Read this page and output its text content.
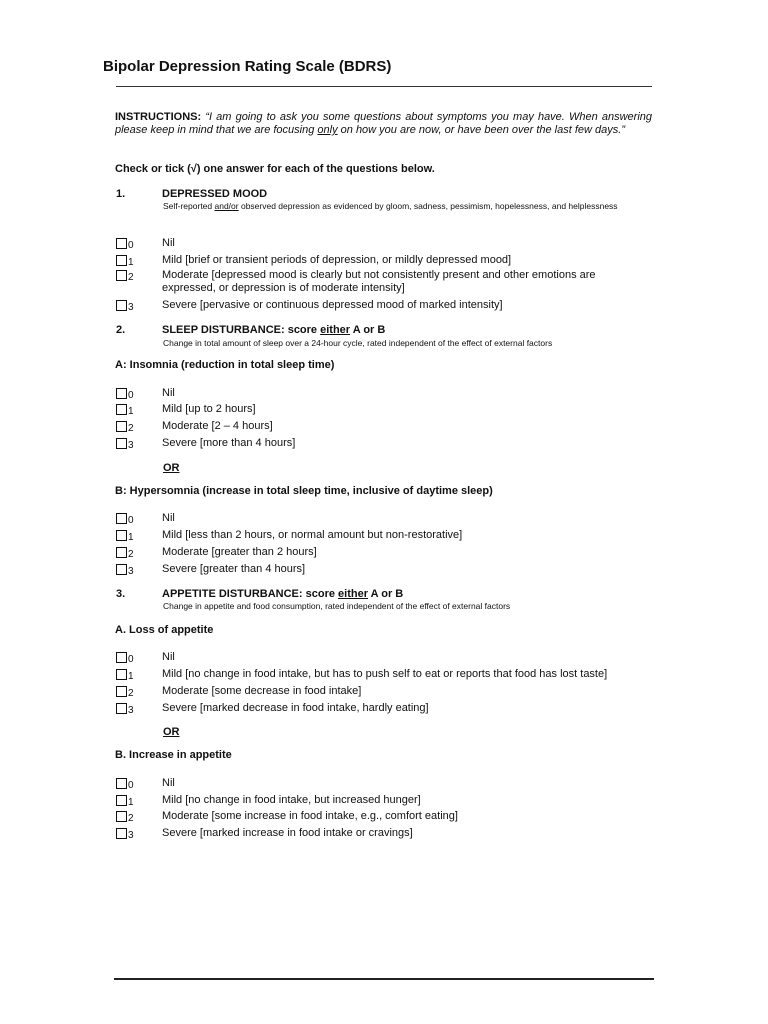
Bipolar Depression Rating Scale (BDRS)
INSTRUCTIONS: “I am going to ask you some questions about symptoms you may have. When answering please keep in mind that we are focusing only on how you are now, or have been over the last few days.”
Check or tick (√) one answer for each of the questions below.
1.	DEPRESSED MOOD
Self-reported and/or observed depression as evidenced by gloom, sadness, pessimism, hopelessness, and helplessness
0	Nil
1	Mild [brief or transient periods of depression, or mildly depressed mood]
2	Moderate [depressed mood is clearly but not consistently present and other emotions are expressed, or depression is of moderate intensity]
3	Severe [pervasive or continuous depressed mood of marked intensity]
2.	SLEEP DISTURBANCE: score either A or B
Change in total amount of sleep over a 24-hour cycle, rated independent of the effect of external factors
A: Insomnia (reduction in total sleep time)
0	Nil
1	Mild [up to 2 hours]
2	Moderate [2 – 4 hours]
3	Severe [more than 4 hours]
OR
B: Hypersomnia (increase in total sleep time, inclusive of daytime sleep)
0	Nil
1	Mild [less than 2 hours, or normal amount but non-restorative]
2	Moderate [greater than 2 hours]
3	Severe [greater than 4 hours]
3.	APPETITE DISTURBANCE: score either A or B
Change in appetite and food consumption, rated independent of the effect of external factors
A. Loss of appetite
0	Nil
1	Mild [no change in food intake, but has to push self to eat or reports that food has lost taste]
2	Moderate [some decrease in food intake]
3	Severe [marked decrease in food intake, hardly eating]
OR
B. Increase in appetite
0	Nil
1	Mild [no change in food intake, but increased hunger]
2	Moderate [some increase in food intake, e.g., comfort eating]
3	Severe [marked increase in food intake or cravings]
